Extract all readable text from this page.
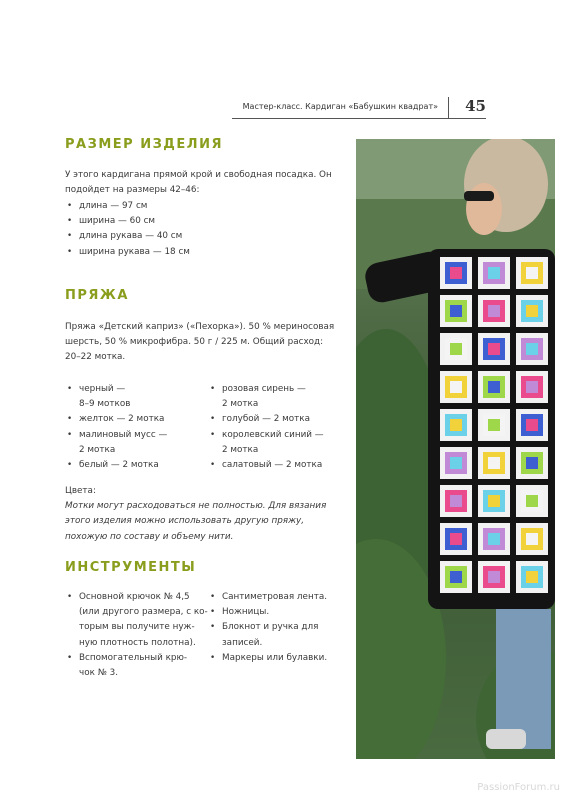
Мастер-класс. Кардиган «Бабушкин квадрат» 45
РАЗМЕР ИЗДЕЛИЯ
У этого кардигана прямой крой и свободная посадка. Он
подойдет на размеры 42–46:
• длина — 97 см
• ширина — 60 см
• длина рукава — 40 см
• ширина рукава — 18 см
ПРЯЖА
Пряжа «Детский каприз» («Пехорка»). 50 % мериносовая
шерсть, 50 % микрофибра. 50 г / 225 м. Общий расход:
20–22 мотка.
• черный —
8–9 мотков
• желток — 2 мотка
• малиновый мусс —
2 мотка
• белый — 2 мотка
• розовая сирень —
2 мотка
• голубой — 2 мотка
• королевский синий —
2 мотка
• салатовый — 2 мотка
Цвета:
Мотки могут расходоваться не полностью. Для вязания
этого изделия можно использовать другую пряжу,
похожую по составу и объему нити.
ИНСТРУМЕНТЫ
• Основной крючок № 4,5
(или другого размера, с ко-
торым вы получите нуж-
ную плотность полотна).
• Вспомогательный крю-
чок № 3.
• Сантиметровая лента.
• Ножницы.
• Блокнот и ручка для
записей.
• Маркеры или булавки.
PassionForum.ru
